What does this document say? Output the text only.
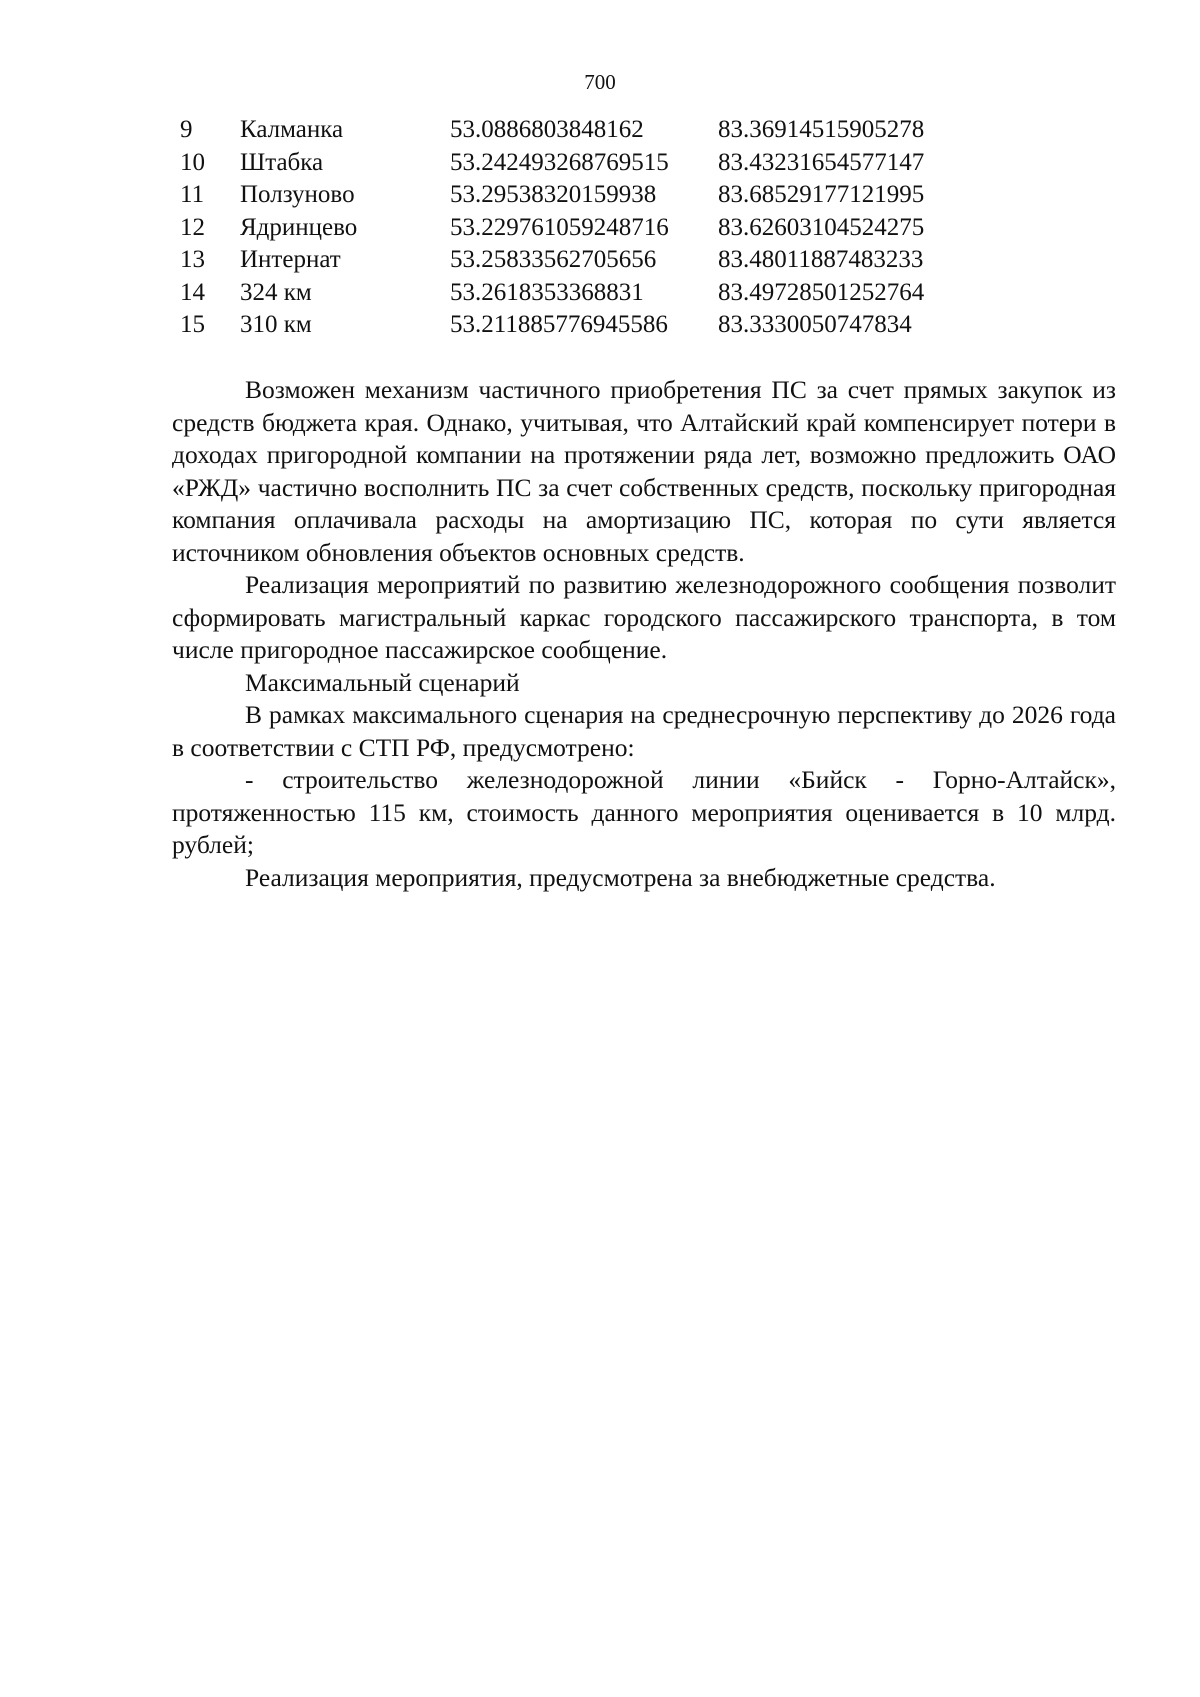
700
9	Калманка	53.0886803848162	83.36914515905278
10	Штабка	53.242493268769515	83.43231654577147
11	Ползуново	53.29538320159938	83.68529177121995
12	Ядринцево	53.229761059248716	83.62603104524275
13	Интернат	53.25833562705656	83.48011887483233
14	324 км	53.2618353368831	83.49728501252764
15	310 км	53.211885776945586	83.3330050747834

Возможен механизм частичного приобретения ПС за счет прямых закупок из средств бюджета края. Однако, учитывая, что Алтайский край компенсирует потери в доходах пригородной компании на протяжении ряда лет, возможно предложить ОАО «РЖД» частично восполнить ПС за счет собственных средств, поскольку пригородная компания оплачивала расходы на амортизацию ПС, которая по сути является источником обновления объектов основных средств.

Реализация мероприятий по развитию железнодорожного сообщения позволит сформировать магистральный каркас городского пассажирского транспорта, в том числе пригородное пассажирское сообщение.

Максимальный сценарий

В рамках максимального сценария на среднесрочную перспективу до 2026 года в соответствии с СТП РФ, предусмотрено:

- строительство железнодорожной линии «Бийск - Горно-Алтайск», протяженностью 115 км, стоимость данного мероприятия оценивается в 10 млрд. рублей;

Реализация мероприятия, предусмотрена за внебюджетные средства.
